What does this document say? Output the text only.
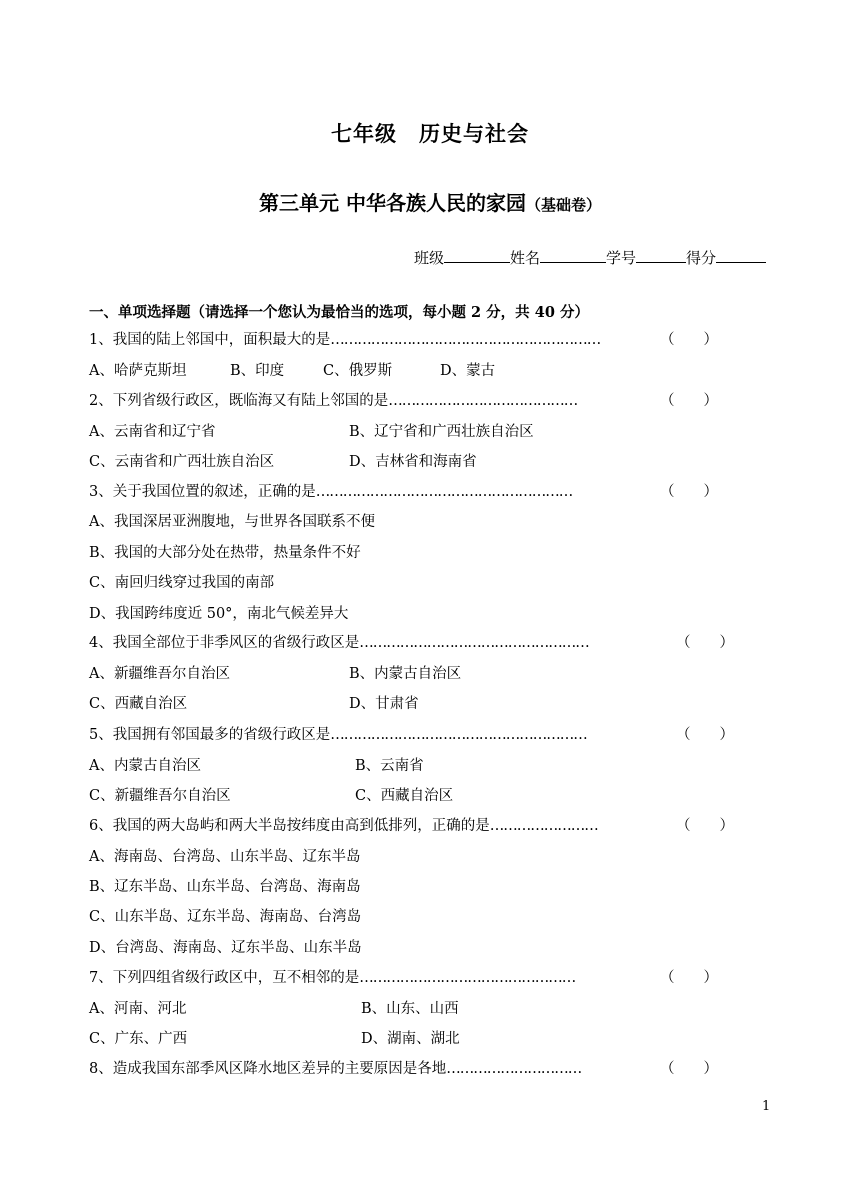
七年级　历史与社会
第三单元 中华各族人民的家园（基础卷）
班级	姓名	学号	得分
一、单项选择题（请选择一个您认为最恰当的选项，每小题 2 分，共 40 分）
1、我国的陆上邻国中，面积最大的是……………………………………………………	（　　）
A、哈萨克斯坦	B、印度	C、俄罗斯	D、蒙古
2、下列省级行政区，既临海又有陆上邻国的是……………………………………	（　　）
A、云南省和辽宁省	B、辽宁省和广西壮族自治区
C、云南省和广西壮族自治区	D、吉林省和海南省
3、关于我国位置的叙述，正确的是…………………………………………………	（　　）
A、我国深居亚洲腹地，与世界各国联系不便
B、我国的大部分处在热带，热量条件不好
C、南回归线穿过我国的南部
D、我国跨纬度近 50°，南北气候差异大
4、我国全部位于非季风区的省级行政区是……………………………………………	（　　）
A、新疆维吾尔自治区	B、内蒙古自治区
C、西藏自治区	D、甘肃省
5、我国拥有邻国最多的省级行政区是…………………………………………………	（　　）
A、内蒙古自治区	B、云南省
C、新疆维吾尔自治区	C、西藏自治区
6、我国的两大岛屿和两大半岛按纬度由高到低排列，正确的是……………………	（　　）
A、海南岛、台湾岛、山东半岛、辽东半岛
B、辽东半岛、山东半岛、台湾岛、海南岛
C、山东半岛、辽东半岛、海南岛、台湾岛
D、台湾岛、海南岛、辽东半岛、山东半岛
7、下列四组省级行政区中，互不相邻的是…………………………………………	（　　）
A、河南、河北	B、山东、山西
C、广东、广西	D、湖南、湖北
8、造成我国东部季风区降水地区差异的主要原因是各地…………………………	（　　）
1
